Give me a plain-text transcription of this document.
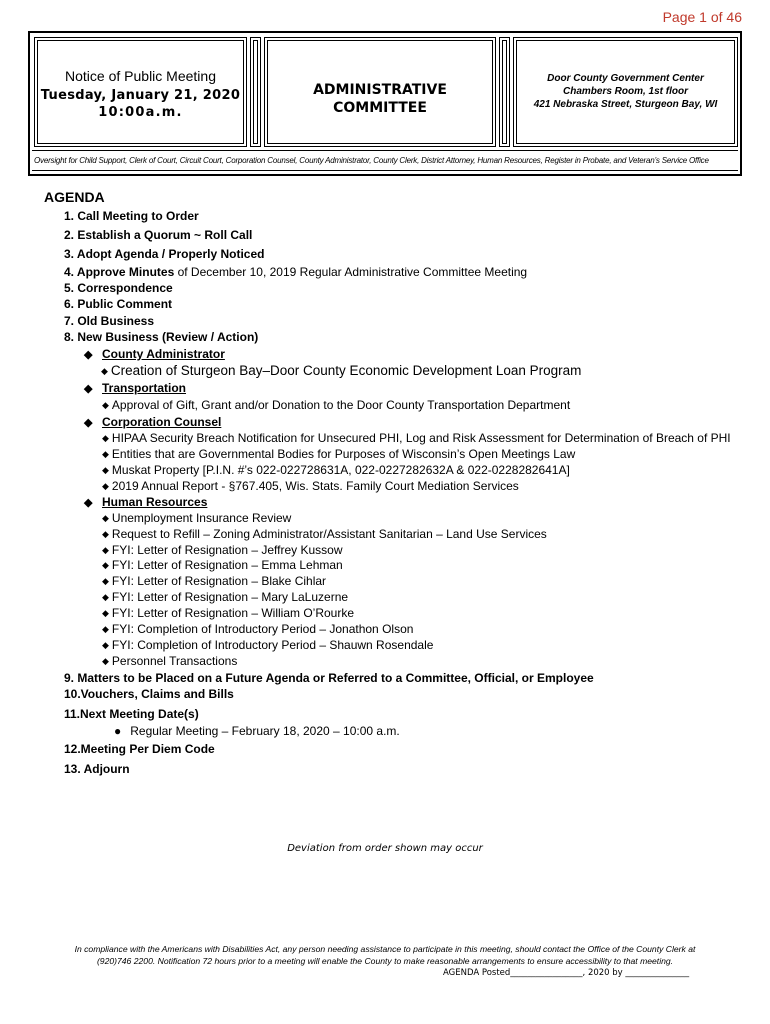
Page 1 of 46
Notice of Public Meeting
Tuesday, January 21, 2020
10:00a.m.
ADMINISTRATIVE
COMMITTEE
Door County Government Center
Chambers Room, 1st floor
421 Nebraska Street, Sturgeon Bay, WI
Oversight for Child Support, Clerk of Court, Circuit Court, Corporation Counsel, County Administrator, County Clerk, District Attorney, Human Resources, Register in Probate, and Veteran’s Service Office
AGENDA
1. Call Meeting to Order
2. Establish a Quorum ~ Roll Call
3. Adopt Agenda / Properly Noticed
4. Approve Minutes of December 10, 2019 Regular Administrative Committee Meeting
5. Correspondence
6. Public Comment
7. Old Business
8. New Business (Review / Action)
◆ County Administrator
◆ Creation of Sturgeon Bay–Door County Economic Development Loan Program
◆ Transportation
◆ Approval of Gift, Grant and/or Donation to the Door County Transportation Department
◆ Corporation Counsel
◆ HIPAA Security Breach Notification for Unsecured PHI, Log and Risk Assessment for Determination of Breach of PHI
◆ Entities that are Governmental Bodies for Purposes of Wisconsin’s Open Meetings Law
◆ Muskat Property [P.I.N. #’s 022-022728631A, 022-0227282632A & 022-0228282641A]
◆ 2019 Annual Report - §767.405, Wis. Stats. Family Court Mediation Services
◆ Human Resources
◆ Unemployment Insurance Review
◆ Request to Refill – Zoning Administrator/Assistant Sanitarian – Land Use Services
◆ FYI: Letter of Resignation – Jeffrey Kussow
◆ FYI: Letter of Resignation – Emma Lehman
◆ FYI: Letter of Resignation – Blake Cihlar
◆ FYI: Letter of Resignation – Mary LaLuzerne
◆ FYI: Letter of Resignation – William O’Rourke
◆ FYI: Completion of Introductory Period – Jonathon Olson
◆ FYI: Completion of Introductory Period – Shauwn Rosendale
◆ Personnel Transactions
9. Matters to be Placed on a Future Agenda or Referred to a Committee, Official, or Employee
10.Vouchers, Claims and Bills
11.Next Meeting Date(s)
● Regular Meeting – February 18, 2020 – 10:00 a.m.
12.Meeting Per Diem Code
13. Adjourn
Deviation from order shown may occur
In compliance with the Americans with Disabilities Act, any person needing assistance to participate in this meeting, should contact the Office of the County Clerk at
(920)746 2200. Notification 72 hours prior to a meeting will enable the County to make reasonable arrangements to ensure accessibility to that meeting.
AGENDA Posted_________________, 2020 by _______________
